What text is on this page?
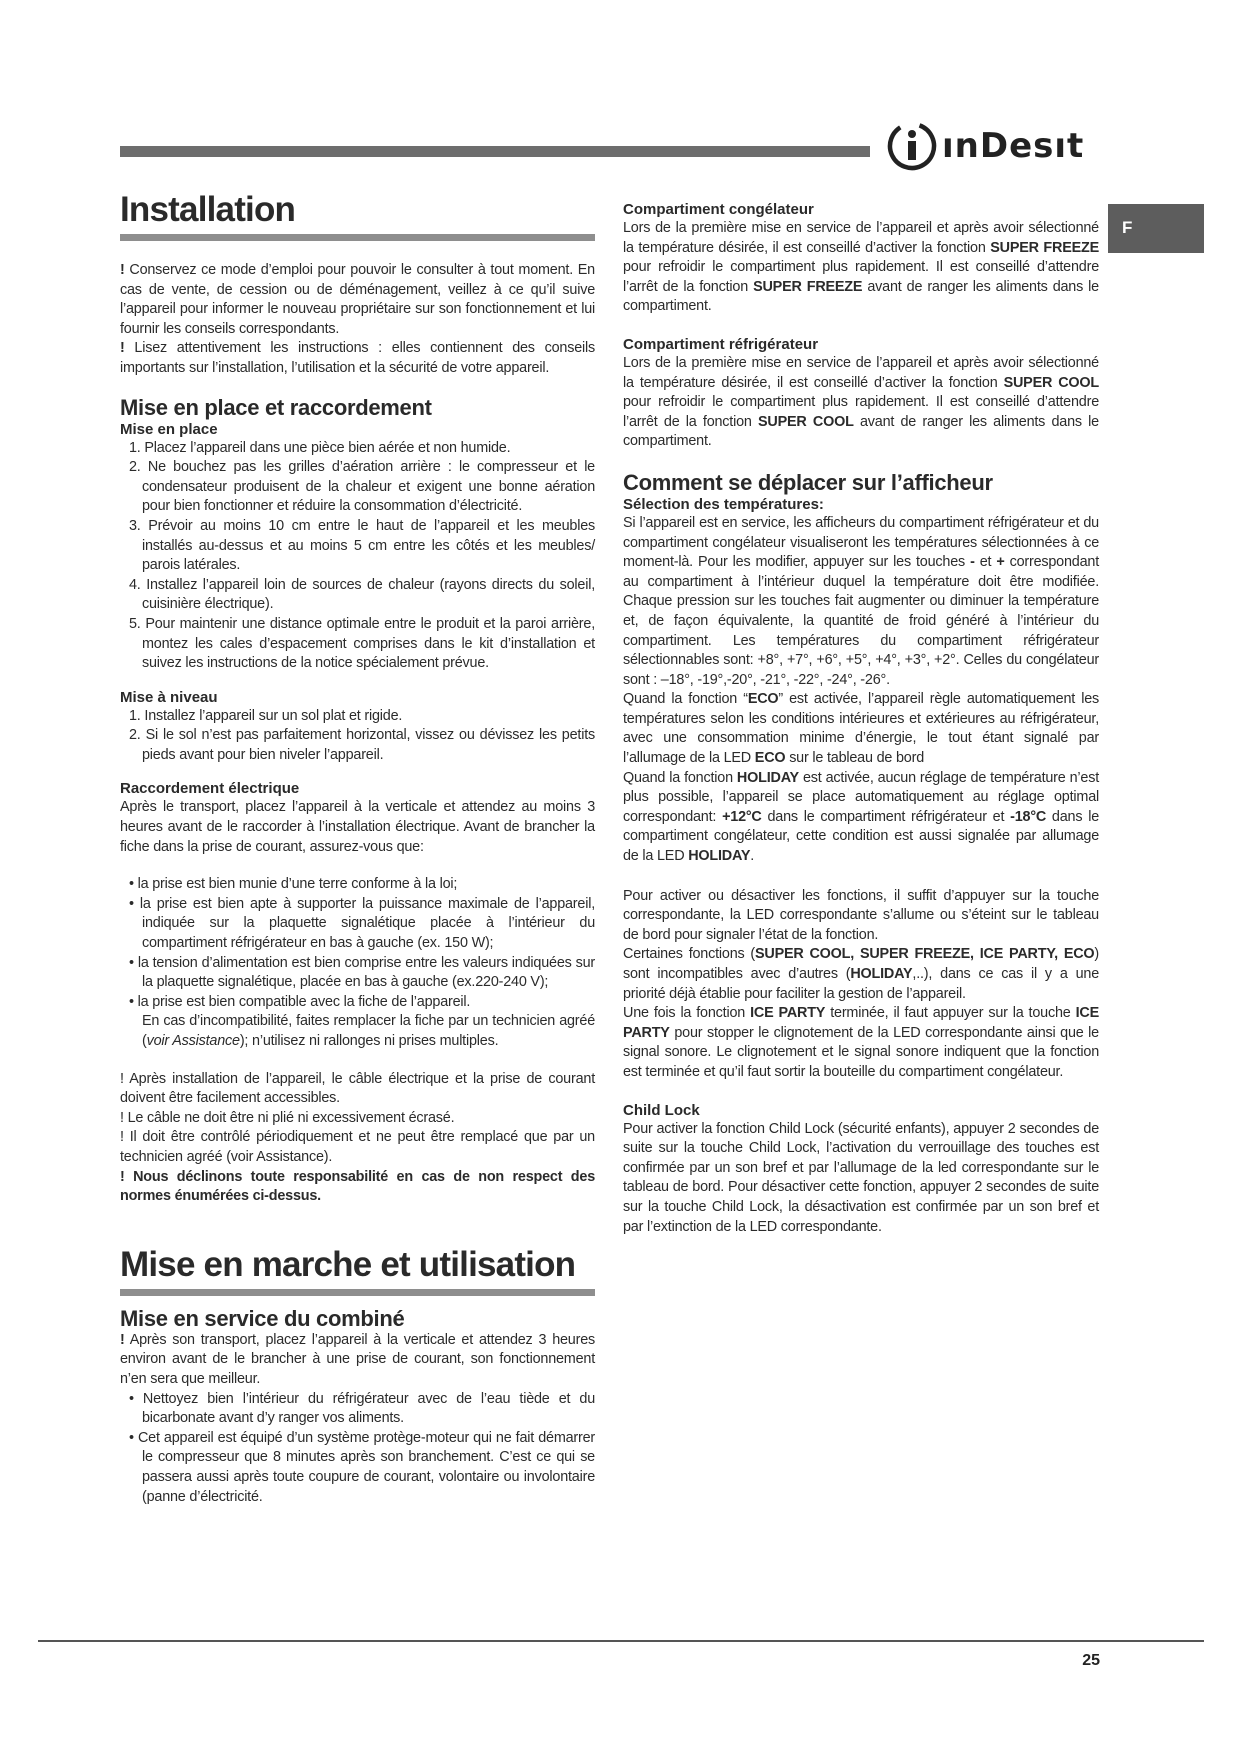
ınDesıt
F
Installation

! Conservez ce mode d’emploi pour pouvoir le consulter à tout moment. En cas de vente, de cession ou de déménagement, veillez à ce qu’il suive l’appareil pour informer le nouveau propriétaire sur son fonctionnement et lui fournir les conseils correspondants.

! Lisez attentivement les instructions : elles contiennent des conseils importants sur l’installation, l’utilisation et la sécurité de votre appareil.

Mise en place et raccordement
Mise en place
1. Placez l’appareil dans une pièce bien aérée et non humide.
2. Ne bouchez pas les grilles d’aération arrière : le compresseur et le condensateur produisent de la chaleur et exigent une bonne aération pour bien fonctionner et réduire la consommation d’électricité.
3. Prévoir au moins 10 cm entre le haut de l’appareil et les meubles installés au-dessus et au moins 5 cm entre les côtés et les meubles/ parois latérales.
4. Installez l’appareil loin de sources de chaleur (rayons directs du soleil, cuisinière électrique).
5. Pour maintenir une distance optimale entre le produit et la paroi arrière, montez les cales d’espacement comprises dans le kit d’installation et suivez les instructions de la notice spécialement prévue.
Mise à niveau
1. Installez l’appareil sur un sol plat et rigide.
2. Si le sol n’est pas parfaitement horizontal, vissez ou dévissez les petits pieds avant pour bien niveler l’appareil.
Raccordement électrique

Après le transport, placez l’appareil à la verticale et attendez au moins 3 heures avant de le raccorder à l’installation électrique. Avant de brancher la fiche dans la prise de courant, assurez-vous que:

• la prise est bien munie d’une terre conforme à la loi;
• la prise est bien apte à supporter la puissance maximale de l’appareil, indiquée sur la plaquette signalétique placée à l’intérieur du compartiment réfrigérateur en bas à gauche (ex. 150 W);
• la tension d’alimentation est bien comprise entre les valeurs indiquées sur la plaquette signalétique, placée en bas à gauche (ex.220-240 V);
• la prise est bien compatible avec la fiche de l’appareil.
En cas d’incompatibilité, faites remplacer la fiche par un technicien agréé (voir Assistance); n’utilisez ni rallonges ni prises multiples.

! Après installation de l’appareil, le câble électrique et la prise de courant doivent être facilement accessibles.

! Le câble ne doit être ni plié ni excessivement écrasé.

! Il doit être contrôlé périodiquement et ne peut être remplacé que par un technicien agréé (voir Assistance).

! Nous déclinons toute responsabilité en cas de non respect des normes énumérées ci-dessus.

Mise en marche et utilisation
Mise en service du combiné

! Après son transport, placez l’appareil à la verticale et attendez 3 heures environ avant de le brancher à une prise de courant, son fonctionnement n’en sera que meilleur.

• Nettoyez bien l’intérieur du réfrigérateur avec de l’eau tiède et du bicarbonate avant d’y ranger vos aliments.
• Cet appareil est équipé d’un système protège-moteur qui ne fait démarrer le compresseur que 8 minutes après son branchement. C’est ce qui se passera aussi après toute coupure de courant, volontaire ou involontaire (panne d’électricité.
Compartiment congélateur

Lors de la première mise en service de l’appareil et après avoir sélectionné la température désirée, il est conseillé d’activer la fonction SUPER FREEZE pour refroidir le compartiment plus rapidement. Il est conseillé d’attendre l’arrêt de la fonction SUPER FREEZE avant de ranger les aliments dans le compartiment.

Compartiment réfrigérateur

Lors de la première mise en service de l’appareil et après avoir sélectionné la température désirée, il est conseillé d’activer la fonction SUPER COOL pour refroidir le compartiment plus rapidement. Il est conseillé d’attendre l’arrêt de la fonction SUPER COOL avant de ranger les aliments dans le compartiment.

Comment se déplacer sur l’afficheur
Sélection des températures:

Si l’appareil est en service, les afficheurs du compartiment réfrigérateur et du compartiment congélateur visualiseront les températures sélectionnées à ce moment-là. Pour les modifier, appuyer sur les touches - et + correspondant au compartiment à l’intérieur duquel la température doit être modifiée. Chaque pression sur les touches fait augmenter ou diminuer la température et, de façon équivalente, la quantité de froid généré à l’intérieur du compartiment. Les températures du compartiment réfrigérateur sélectionnables sont: +8°, +7°, +6°, +5°, +4°, +3°, +2°. Celles du congélateur sont : –18°, -19°,-20°, -21°, -22°, -24°, -26°.

Quand la fonction “ECO” est activée, l’appareil règle automatiquement les températures selon les conditions intérieures et extérieures au réfrigérateur, avec une consommation minime d’énergie, le tout étant signalé par l’allumage de la LED ECO sur le tableau de bord

Quand la fonction HOLIDAY est activée, aucun réglage de température n’est plus possible, l’appareil se place automatiquement au réglage optimal correspondant: +12°C dans le compartiment réfrigérateur et -18°C dans le compartiment congélateur, cette condition est aussi signalée par allumage de la LED HOLIDAY.

Pour activer ou désactiver les fonctions, il suffit d’appuyer sur la touche correspondante, la LED correspondante s’allume ou s’éteint sur le tableau de bord pour signaler l’état de la fonction.

Certaines fonctions (SUPER COOL, SUPER FREEZE, ICE PARTY, ECO) sont incompatibles avec d’autres (HOLIDAY,..), dans ce cas il y a une priorité déjà établie pour faciliter la gestion de l’appareil.

Une fois la fonction ICE PARTY terminée, il faut appuyer sur la touche ICE PARTY pour stopper le clignotement de la LED correspondante ainsi que le signal sonore. Le clignotement et le signal sonore indiquent que la fonction est terminée et qu’il faut sortir la bouteille du compartiment congélateur.

Child Lock

Pour activer la fonction Child Lock (sécurité enfants), appuyer 2 secondes de suite sur la touche Child Lock, l’activation du verrouillage des touches est confirmée par un son bref et par l’allumage de la led correspondante sur le tableau de bord. Pour désactiver cette fonction, appuyer 2 secondes de suite sur la touche Child Lock, la désactivation est confirmée par un son bref et par l’extinction de la LED correspondante.

25
